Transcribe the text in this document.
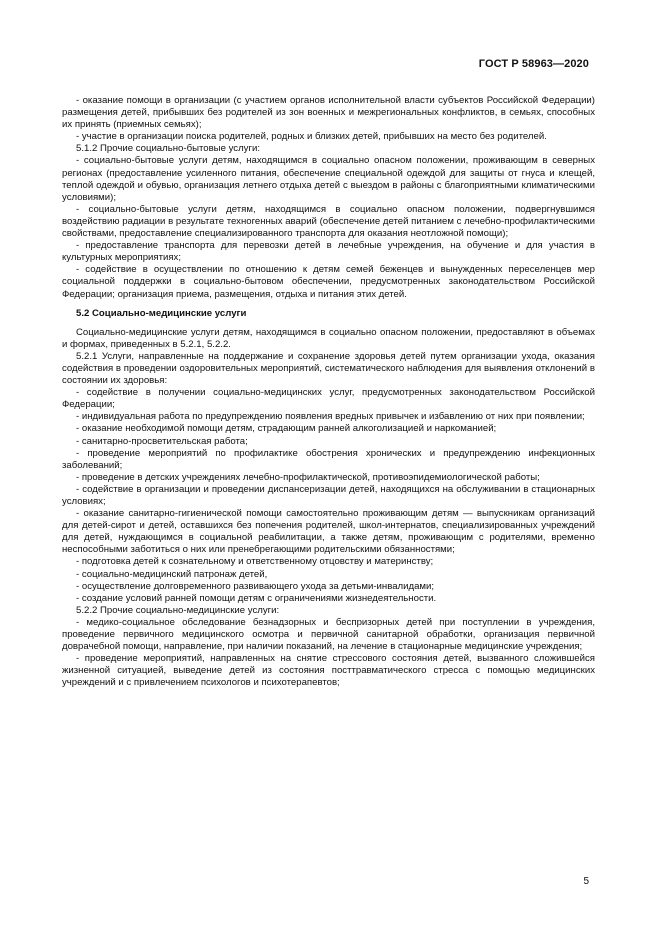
ГОСТ Р 58963—2020

- оказание помощи в организации (с участием органов исполнительной власти субъектов Российской Федерации) размещения детей, прибывших без родителей из зон военных и межрегиональных конфликтов, в семьях, способных их принять (приемных семьях);

- участие в организации поиска родителей, родных и близких детей, прибывших на место без родителей.

5.1.2 Прочие социально-бытовые услуги:

- социально-бытовые услуги детям, находящимся в социально опасном положении, проживающим в северных регионах (предоставление усиленного питания, обеспечение специальной одеждой для защиты от гнуса и клещей, теплой одеждой и обувью, организация летнего отдыха детей с выездом в районы с благоприятными климатическими условиями);

- социально-бытовые услуги детям, находящимся в социально опасном положении, подвергнувшимся воздействию радиации в результате техногенных аварий (обеспечение детей питанием с лечебно-профилактическими свойствами, предоставление специализированного транспорта для оказания неотложной помощи);

- предоставление транспорта для перевозки детей в лечебные учреждения, на обучение и для участия в культурных мероприятиях;

- содействие в осуществлении по отношению к детям семей беженцев и вынужденных переселенцев мер социальной поддержки в социально-бытовом обеспечении, предусмотренных законодательством Российской Федерации; организация приема, размещения, отдыха и питания этих детей.

5.2 Социально-медицинские услуги

Социально-медицинские услуги детям, находящимся в социально опасном положении, предоставляют в объемах и формах, приведенных в 5.2.1, 5.2.2.

5.2.1 Услуги, направленные на поддержание и сохранение здоровья детей путем организации ухода, оказания содействия в проведении оздоровительных мероприятий, систематического наблюдения для выявления отклонений в состоянии их здоровья:

- содействие в получении социально-медицинских услуг, предусмотренных законодательством Российской Федерации;

- индивидуальная работа по предупреждению появления вредных привычек и избавлению от них при появлении;

- оказание необходимой помощи детям, страдающим ранней алкоголизацией и наркоманией;

- санитарно-просветительская работа;

- проведение мероприятий по профилактике обострения хронических и предупреждению инфекционных заболеваний;

- проведение в детских учреждениях лечебно-профилактической, противоэпидемиологической работы;

- содействие в организации и проведении диспансеризации детей, находящихся на обслуживании в стационарных условиях;

- оказание санитарно-гигиенической помощи самостоятельно проживающим детям — выпускникам организаций для детей-сирот и детей, оставшихся без попечения родителей, школ-интернатов, специализированных учреждений для детей, нуждающимся в социальной реабилитации, а также детям, проживающим с родителями, временно неспособными заботиться о них или пренебрегающими родительскими обязанностями;

- подготовка детей к сознательному и ответственному отцовству и материнству;

- социально-медицинский патронаж детей,

- осуществление долговременного развивающего ухода за детьми-инвалидами;

- создание условий ранней помощи детям с ограничениями жизнедеятельности.

5.2.2 Прочие социально-медицинские услуги:

- медико-социальное обследование безнадзорных и беспризорных детей при поступлении в учреждения, проведение первичного медицинского осмотра и первичной санитарной обработки, организация первичной доврачебной помощи, направление, при наличии показаний, на лечение в стационарные медицинские учреждения;

- проведение мероприятий, направленных на снятие стрессового состояния детей, вызванного сложившейся жизненной ситуацией, выведение детей из состояния посттравматического стресса с помощью медицинских учреждений и с привлечением психологов и психотерапевтов;

5
